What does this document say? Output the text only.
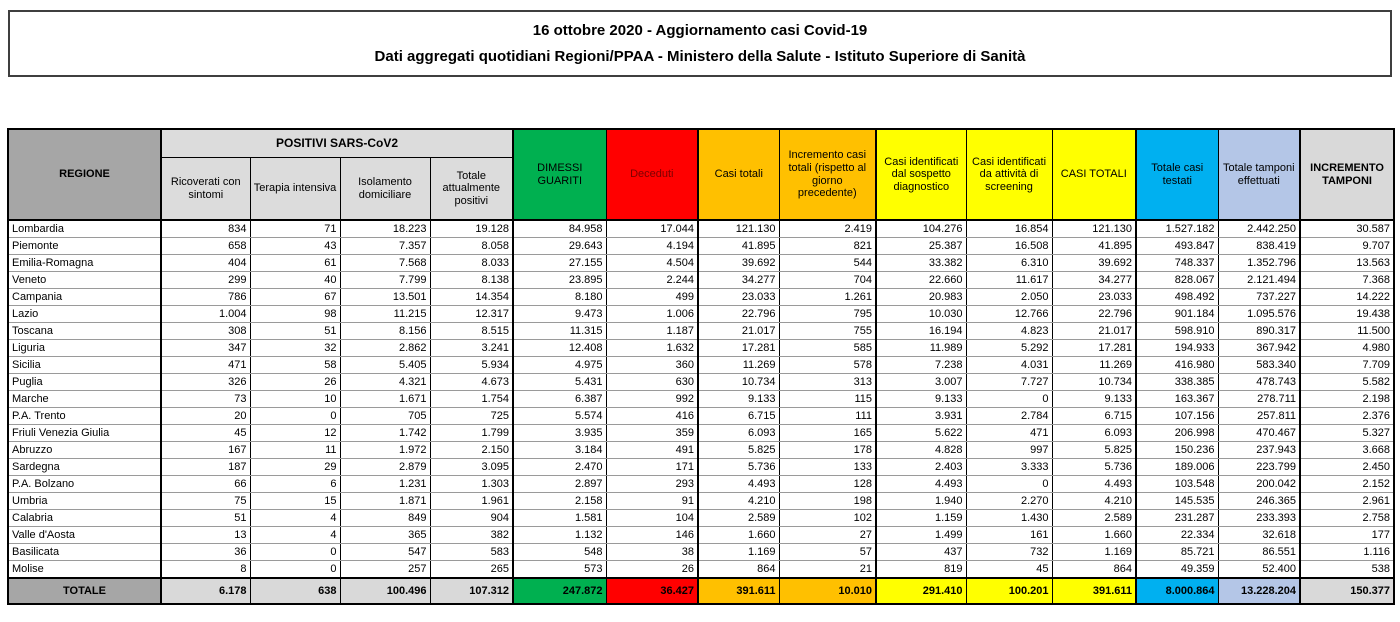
16 ottobre 2020 - Aggiornamento casi Covid-19
Dati aggregati quotidiani Regioni/PPAA - Ministero della Salute - Istituto Superiore di Sanità
REGIONE	POSITIVI SARS-CoV2				DIMESSI GUARITI	Deceduti	Casi totali	Incremento casi totali (rispetto al giorno precedente)	Casi identificati dal sospetto diagnostico	Casi identificati da attività di screening	CASI TOTALI	Totale casi testati	Totale tamponi effettuati	INCREMENTO TAMPONI
	Ricoverati con sintomi	Terapia intensiva	Isolamento domiciliare	Totale attualmente positivi										
Lombardia	834	71	18.223	19.128	84.958	17.044	121.130	2.419	104.276	16.854	121.130	1.527.182	2.442.250	30.587
Piemonte	658	43	7.357	8.058	29.643	4.194	41.895	821	25.387	16.508	41.895	493.847	838.419	9.707
Emilia-Romagna	404	61	7.568	8.033	27.155	4.504	39.692	544	33.382	6.310	39.692	748.337	1.352.796	13.563
Veneto	299	40	7.799	8.138	23.895	2.244	34.277	704	22.660	11.617	34.277	828.067	2.121.494	7.368
Campania	786	67	13.501	14.354	8.180	499	23.033	1.261	20.983	2.050	23.033	498.492	737.227	14.222
Lazio	1.004	98	11.215	12.317	9.473	1.006	22.796	795	10.030	12.766	22.796	901.184	1.095.576	19.438
Toscana	308	51	8.156	8.515	11.315	1.187	21.017	755	16.194	4.823	21.017	598.910	890.317	11.500
Liguria	347	32	2.862	3.241	12.408	1.632	17.281	585	11.989	5.292	17.281	194.933	367.942	4.980
Sicilia	471	58	5.405	5.934	4.975	360	11.269	578	7.238	4.031	11.269	416.980	583.340	7.709
Puglia	326	26	4.321	4.673	5.431	630	10.734	313	3.007	7.727	10.734	338.385	478.743	5.582
Marche	73	10	1.671	1.754	6.387	992	9.133	115	9.133	0	9.133	163.367	278.711	2.198
P.A. Trento	20	0	705	725	5.574	416	6.715	111	3.931	2.784	6.715	107.156	257.811	2.376
Friuli Venezia Giulia	45	12	1.742	1.799	3.935	359	6.093	165	5.622	471	6.093	206.998	470.467	5.327
Abruzzo	167	11	1.972	2.150	3.184	491	5.825	178	4.828	997	5.825	150.236	237.943	3.668
Sardegna	187	29	2.879	3.095	2.470	171	5.736	133	2.403	3.333	5.736	189.006	223.799	2.450
P.A. Bolzano	66	6	1.231	1.303	2.897	293	4.493	128	4.493	0	4.493	103.548	200.042	2.152
Umbria	75	15	1.871	1.961	2.158	91	4.210	198	1.940	2.270	4.210	145.535	246.365	2.961
Calabria	51	4	849	904	1.581	104	2.589	102	1.159	1.430	2.589	231.287	233.393	2.758
Valle d'Aosta	13	4	365	382	1.132	146	1.660	27	1.499	161	1.660	22.334	32.618	177
Basilicata	36	0	547	583	548	38	1.169	57	437	732	1.169	85.721	86.551	1.116
Molise	8	0	257	265	573	26	864	21	819	45	864	49.359	52.400	538
TOTALE	6.178	638	100.496	107.312	247.872	36.427	391.611	10.010	291.410	100.201	391.611	8.000.864	13.228.204	150.377
